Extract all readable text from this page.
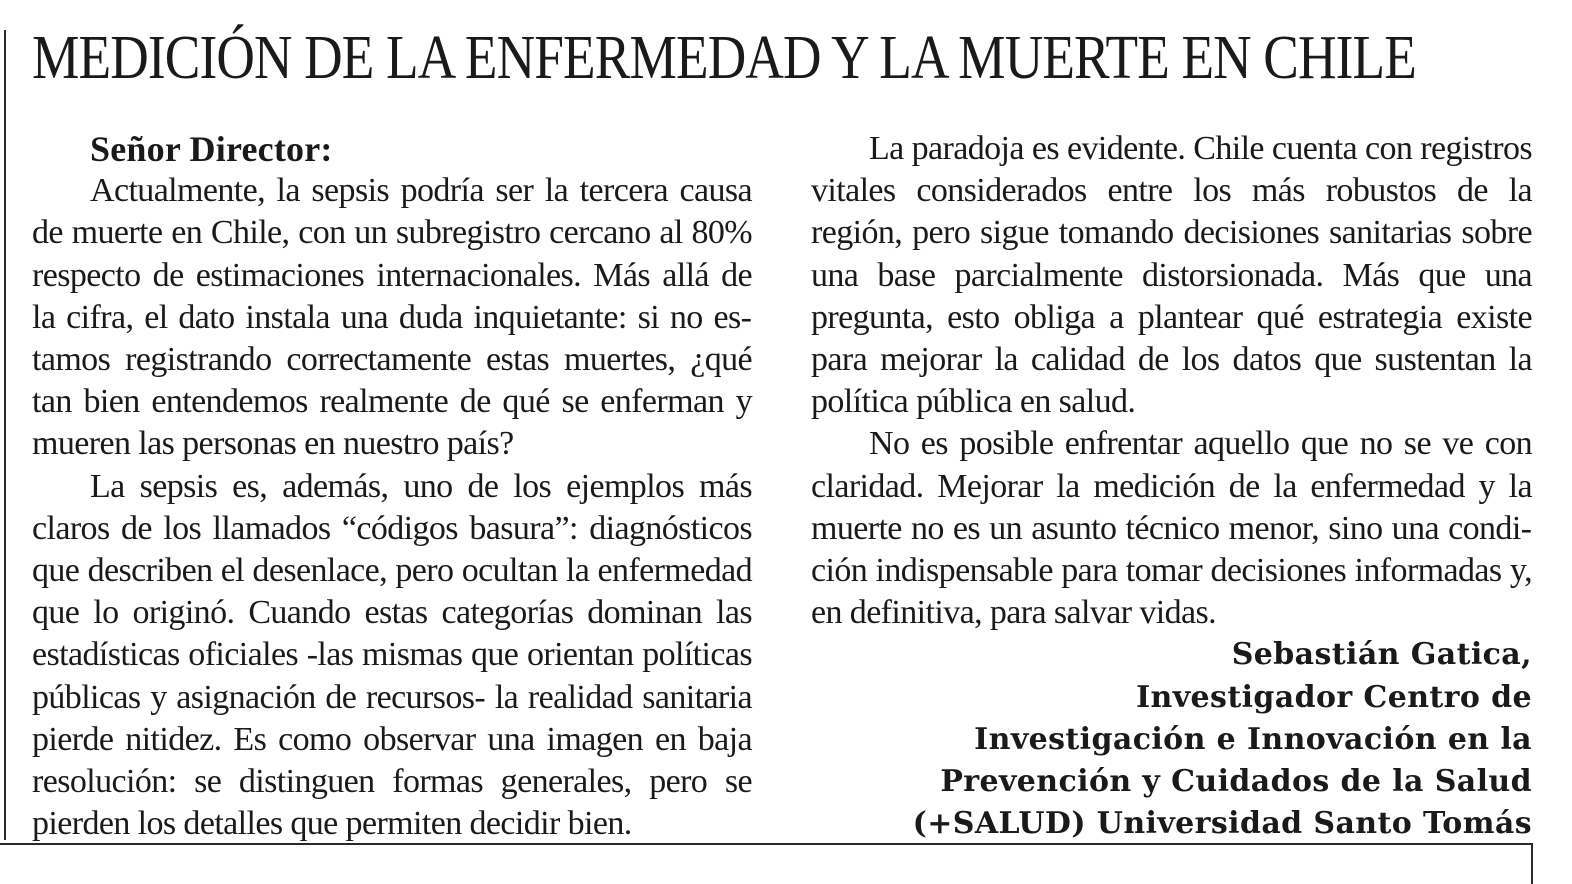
MEDICIÓN DE LA ENFERMEDAD Y LA MUERTE EN CHILE

Señor Director:

Actualmente, la sepsis podría ser la tercera causa de muerte en Chile, con un subregistro cercano al 80% respecto de estimaciones internacionales. Más allá de la cifra, el dato instala una duda inquietante: si no estamos registrando correctamente estas muertes, ¿qué tan bien entendemos realmente de qué se enferman y mueren las personas en nuestro país?

La sepsis es, además, uno de los ejemplos más claros de los llamados “códigos basura”: diagnósticos que describen el desenlace, pero ocultan la enfermedad que lo originó. Cuando estas categorías dominan las estadísticas oficiales -las mismas que orientan políticas públicas y asignación de recursos- la realidad sanitaria pierde nitidez. Es como observar una imagen en baja resolución: se distinguen formas generales, pero se pierden los detalles que permiten decidir bien.

La paradoja es evidente. Chile cuenta con registros vitales considerados entre los más robustos de la región, pero sigue tomando decisiones sanitarias sobre una base parcialmente distorsionada. Más que una pregunta, esto obliga a plantear qué estrategia existe para mejorar la calidad de los datos que sustentan la política pública en salud.

No es posible enfrentar aquello que no se ve con claridad. Mejorar la medición de la enfermedad y la muerte no es un asunto técnico menor, sino una condición indispensable para tomar decisiones informadas y, en definitiva, para salvar vidas.

Sebastián Gatica,
Investigador Centro de
Investigación e Innovación en la
Prevención y Cuidados de la Salud
(+SALUD) Universidad Santo Tomás
